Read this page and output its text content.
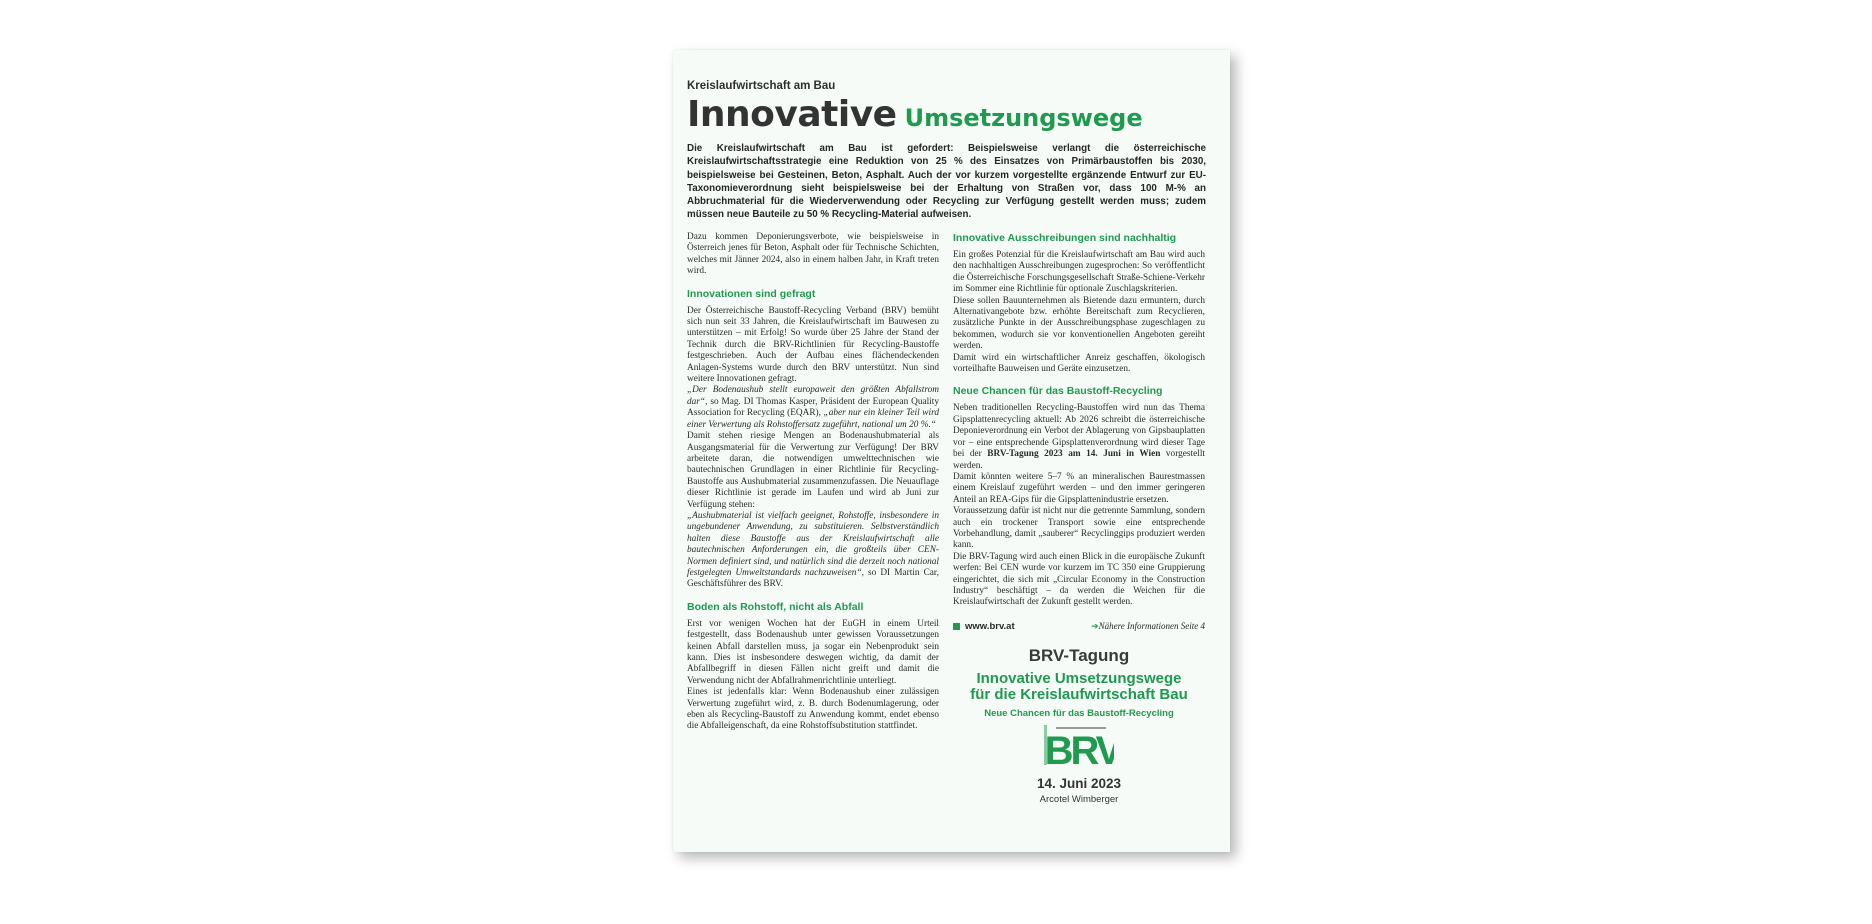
Kreislaufwirtschaft am Bau
Innovative Umsetzungswege
Die Kreislaufwirtschaft am Bau ist gefordert: Beispielsweise verlangt die österreichische Kreislaufwirtschaftsstrategie eine Reduktion von 25 % des Einsatzes von Primärbaustoffen bis 2030, beispielsweise bei Gesteinen, Beton, Asphalt. Auch der vor kurzem vorgestellte ergänzende Entwurf zur EU-Taxonomieverordnung sieht beispielsweise bei der Erhaltung von Straßen vor, dass 100 M-% an Abbruchmaterial für die Wiederverwendung oder Recycling zur Verfügung gestellt werden muss; zudem müssen neue Bauteile zu 50 % Recycling-Material aufweisen.
Dazu kommen Deponierungsverbote, wie beispielsweise in Österreich jenes für Beton, Asphalt oder für Technische Schichten, welches mit Jänner 2024, also in einem halben Jahr, in Kraft treten wird.
Innovationen sind gefragt
Der Österreichische Baustoff-Recycling Verband (BRV) bemüht sich nun seit 33 Jahren, die Kreislaufwirtschaft im Bauwesen zu unterstützen – mit Erfolg! So wurde über 25 Jahre der Stand der Technik durch die BRV-Richtlinien für Recycling-Baustoffe festgeschrieben. Auch der Aufbau eines flächendeckenden Anlagen-Systems wurde durch den BRV unterstützt. Nun sind weitere Innovationen gefragt.
„Der Bodenaushub stellt europaweit den größten Abfallstrom dar“, so Mag. DI Thomas Kasper, Präsident der European Quality Association for Recycling (EQAR), „aber nur ein kleiner Teil wird einer Verwertung als Rohstoffersatz zugeführt, national um 20 %.“
Damit stehen riesige Mengen an Bodenaushubmaterial als Ausgangsmaterial für die Verwertung zur Verfügung! Der BRV arbeitete daran, die notwendigen umwelttechnischen wie bautechnischen Grundlagen in einer Richtlinie für Recycling-Baustoffe aus Aushubmaterial zusammenzufassen. Die Neuauflage dieser Richtlinie ist gerade im Laufen und wird ab Juni zur Verfügung stehen:
„Aushubmaterial ist vielfach geeignet, Rohstoffe, insbesondere in ungebundener Anwendung, zu substituieren. Selbstverständlich halten diese Baustoffe aus der Kreislaufwirtschaft alle bautechnischen Anforderungen ein, die großteils über CEN-Normen definiert sind, und natürlich sind die derzeit noch national festgelegten Umweltstandards nachzuweisen“, so DI Martin Car, Geschäftsführer des BRV.
Boden als Rohstoff, nicht als Abfall
Erst vor wenigen Wochen hat der EuGH in einem Urteil festgestellt, dass Bodenaushub unter gewissen Voraussetzungen keinen Abfall darstellen muss, ja sogar ein Nebenprodukt sein kann. Dies ist insbesondere deswegen wichtig, da damit der Abfallbegriff in diesen Fällen nicht greift und damit die Verwendung nicht der Abfallrahmenrichtlinie unterliegt.
Eines ist jedenfalls klar: Wenn Bodenaushub einer zulässigen Verwertung zugeführt wird, z. B. durch Bodenumlagerung, oder eben als Recycling-Baustoff zu Anwendung kommt, endet ebenso die Abfalleigenschaft, da eine Rohstoffsubstitution stattfindet.
Innovative Ausschreibungen sind nachhaltig
Ein großes Potenzial für die Kreislaufwirtschaft am Bau wird auch den nachhaltigen Ausschreibungen zugesprochen: So veröffentlicht die Österreichische Forschungsgesellschaft Straße-Schiene-Verkehr im Sommer eine Richtlinie für optionale Zuschlagskriterien.
Diese sollen Bauunternehmen als Bietende dazu ermuntern, durch Alternativangebote bzw. erhöhte Bereitschaft zum Recyclieren, zusätzliche Punkte in der Ausschreibungsphase zugeschlagen zu bekommen, wodurch sie vor konventionellen Angeboten gereiht werden.
Damit wird ein wirtschaftlicher Anreiz geschaffen, ökologisch vorteilhafte Bauweisen und Geräte einzusetzen.
Neue Chancen für das Baustoff-Recycling
Neben traditionellen Recycling-Baustoffen wird nun das Thema Gipsplattenrecycling aktuell: Ab 2026 schreibt die österreichische Deponieverordnung ein Verbot der Ablagerung von Gipsbauplatten vor – eine entsprechende Gipsplattenverordnung wird dieser Tage bei der BRV-Tagung 2023 am 14. Juni in Wien vorgestellt werden.
Damit könnten weitere 5–7 % an mineralischen Baurestmassen einem Kreislauf zugeführt werden – und den immer geringeren Anteil an REA-Gips für die Gipsplattenindustrie ersetzen.
Voraussetzung dafür ist nicht nur die getrennte Sammlung, sondern auch ein trockener Transport sowie eine entsprechende Vorbehandlung, damit „sauberer“ Recyclinggips produziert werden kann.
Die BRV-Tagung wird auch einen Blick in die europäische Zukunft werfen: Bei CEN wurde vor kurzem im TC 350 eine Gruppierung eingerichtet, die sich mit „Circular Economy in the Construction Industry“ beschäftigt – da werden die Weichen für die Kreislaufwirtschaft der Zukunft gestellt werden.
www.brv.at	➔Nähere Informationen Seite 4
BRV-Tagung
Innovative Umsetzungswege
für die Kreislaufwirtschaft Bau
Neue Chancen für das Baustoff-Recycling
BRV
14. Juni 2023
Arcotel Wimberger
